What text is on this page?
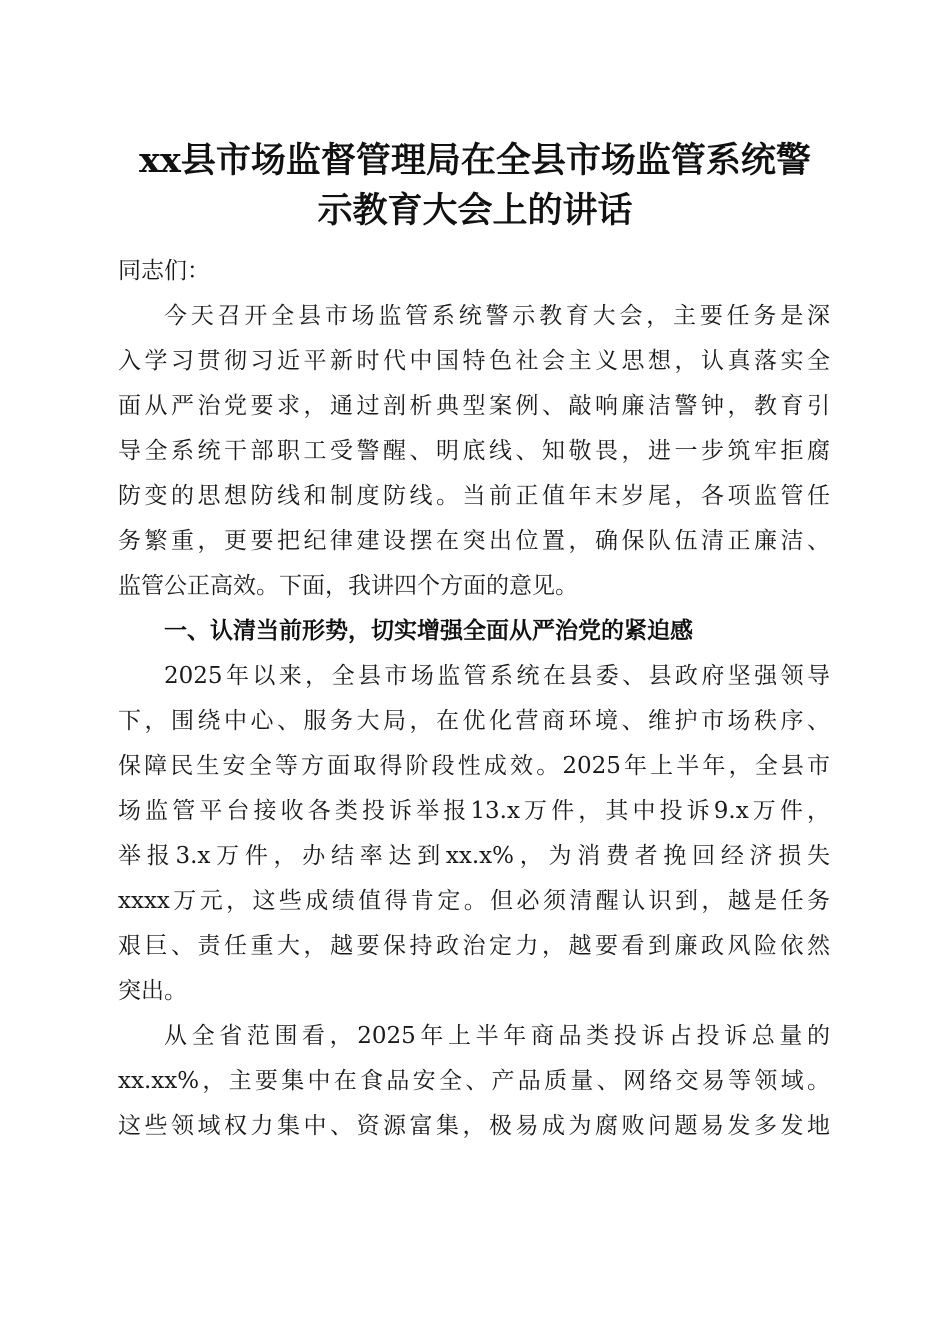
xx县市场监督管理局在全县市场监管系统警
示教育大会上的讲话
同志们：
今天召开全县市场监管系统警示教育大会，主要任务是深
入学习贯彻习近平新时代中国特色社会主义思想，认真落实全
面从严治党要求，通过剖析典型案例、敲响廉洁警钟，教育引
导全系统干部职工受警醒、明底线、知敬畏，进一步筑牢拒腐
防变的思想防线和制度防线。当前正值年末岁尾，各项监管任
务繁重，更要把纪律建设摆在突出位置，确保队伍清正廉洁、
监管公正高效。下面，我讲四个方面的意见。
一、认清当前形势，切实增强全面从严治党的紧迫感
2025年以来，全县市场监管系统在县委、县政府坚强领导
下，围绕中心、服务大局，在优化营商环境、维护市场秩序、
保障民生安全等方面取得阶段性成效。2025年上半年，全县市
场监管平台接收各类投诉举报13.x万件，其中投诉9.x万件，
举报3.x万件，办结率达到xx.x%，为消费者挽回经济损失
xxxx万元，这些成绩值得肯定。但必须清醒认识到，越是任务
艰巨、责任重大，越要保持政治定力，越要看到廉政风险依然
突出。
从全省范围看，2025年上半年商品类投诉占投诉总量的
xx.xx%，主要集中在食品安全、产品质量、网络交易等领域。
这些领域权力集中、资源富集，极易成为腐败问题易发多发地
